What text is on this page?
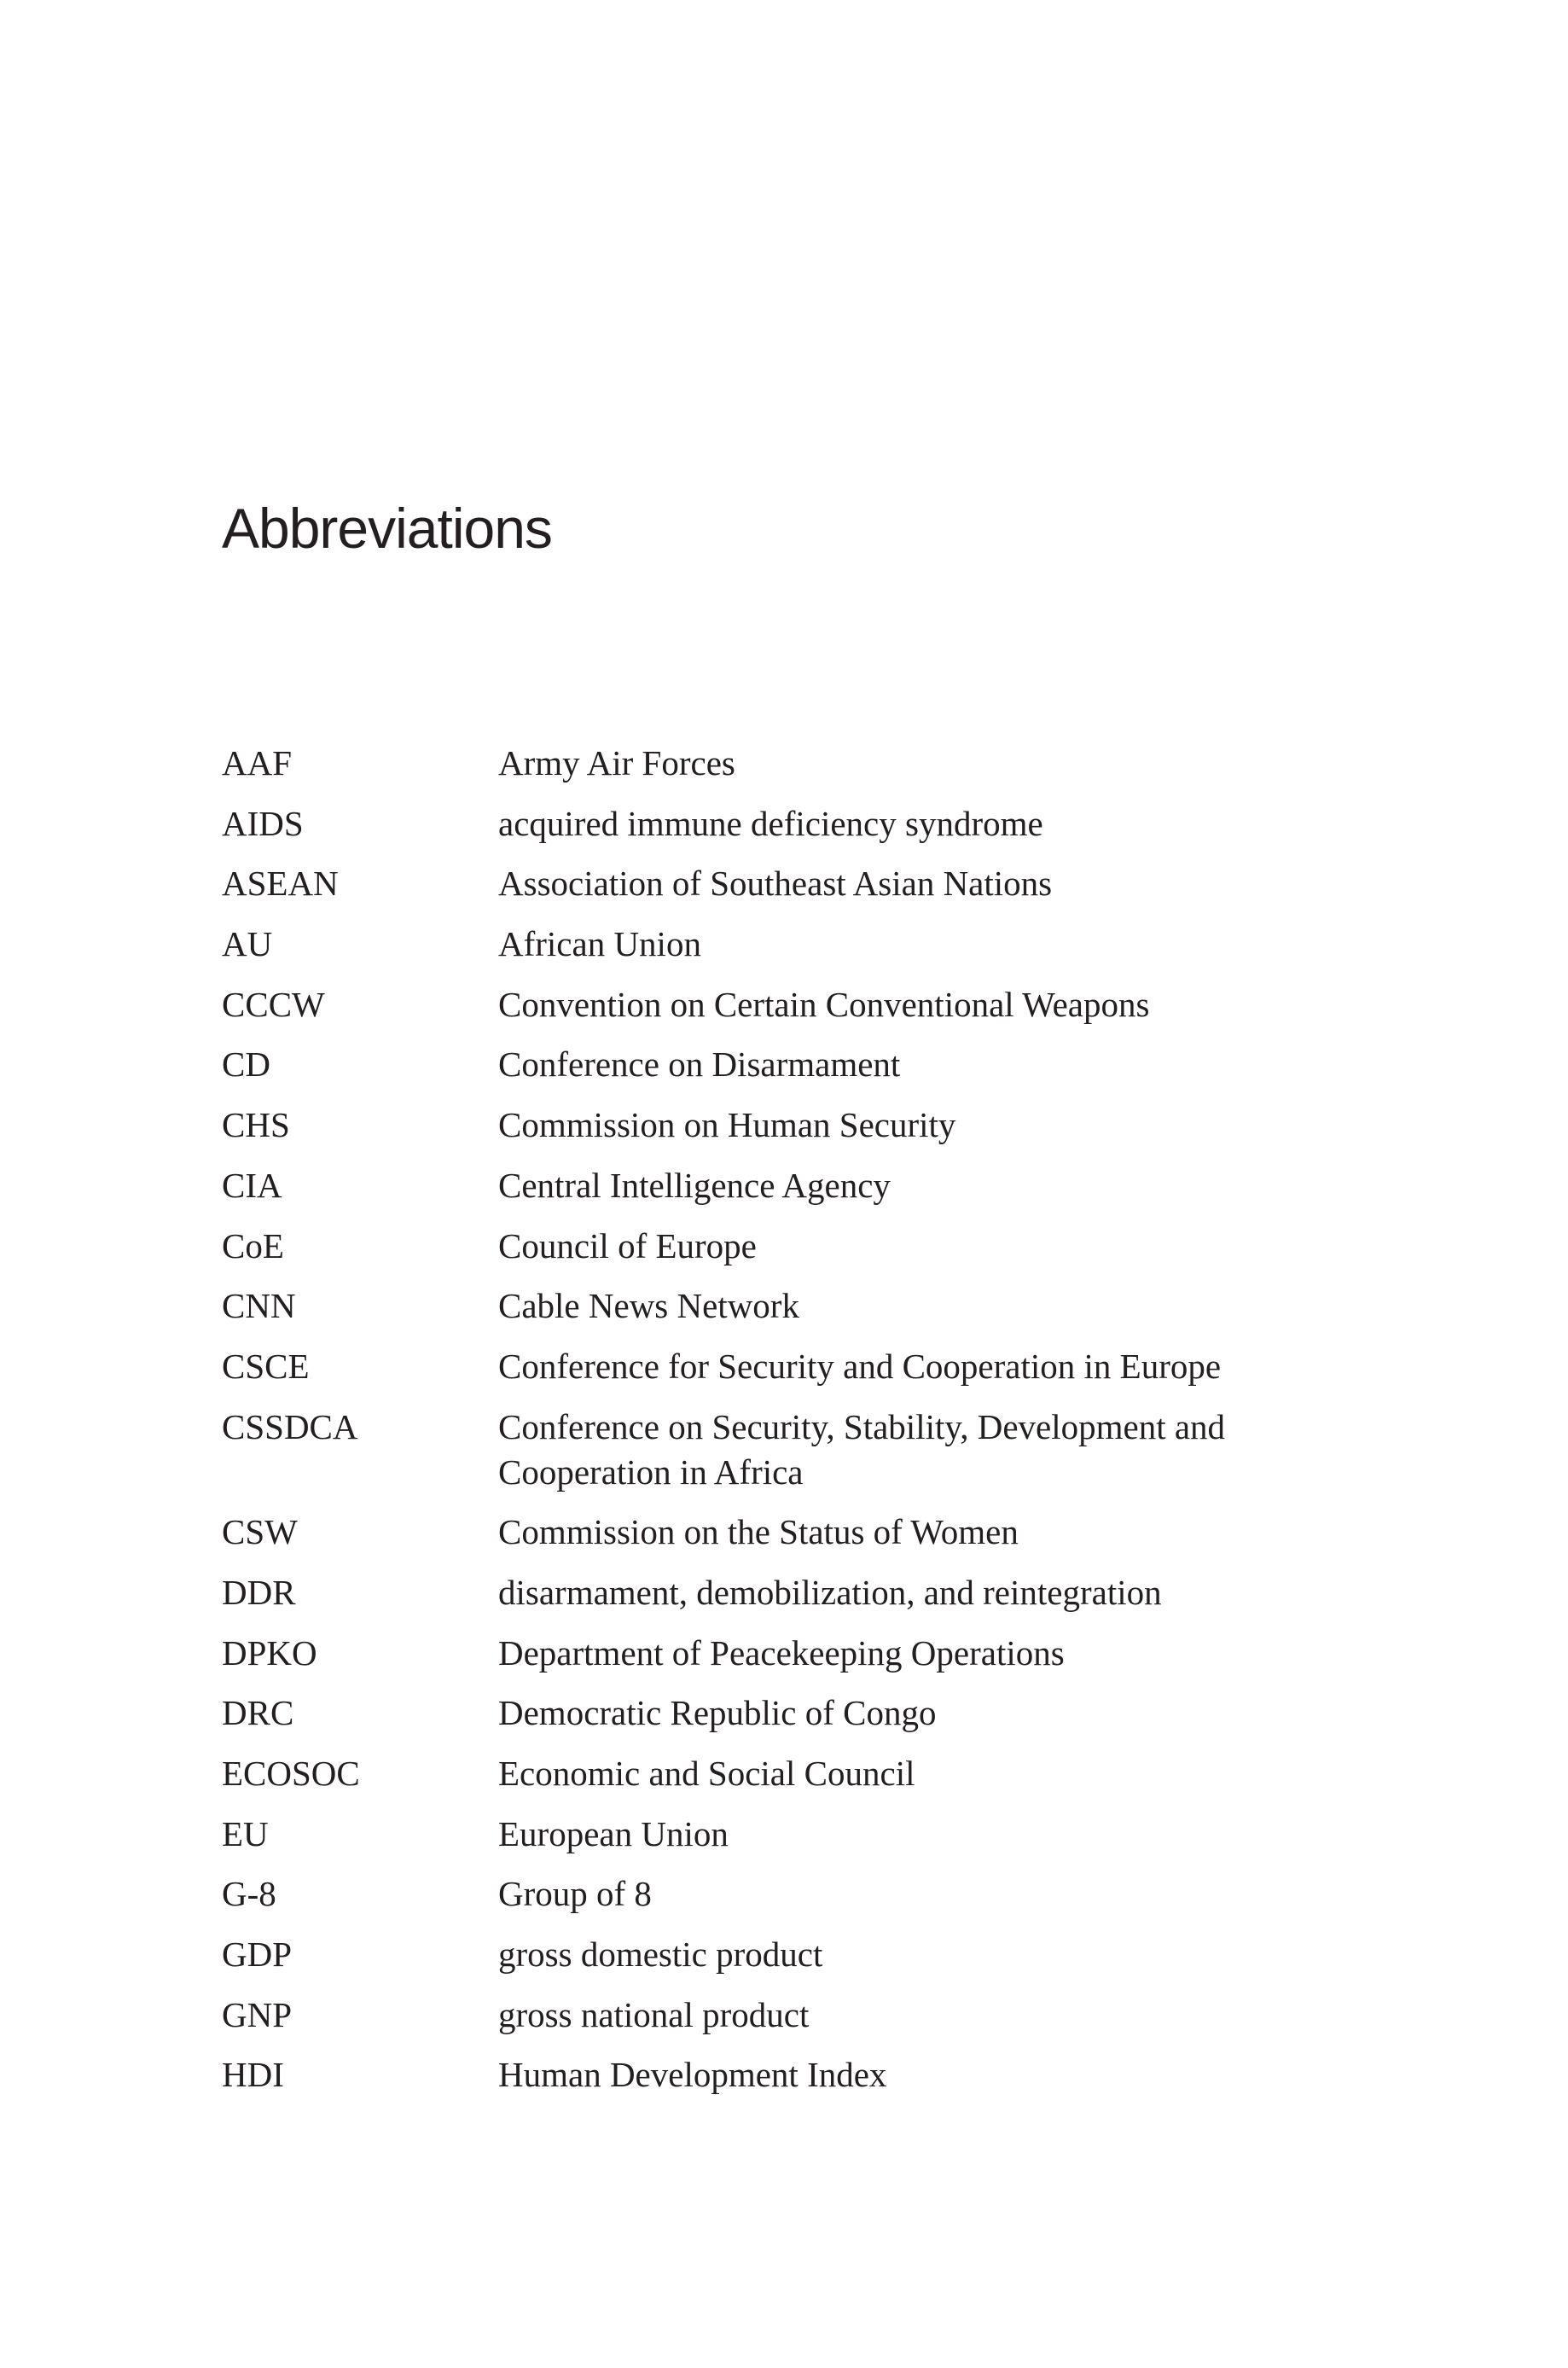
Abbreviations
AAF	Army Air Forces
AIDS	acquired immune deficiency syndrome
ASEAN	Association of Southeast Asian Nations
AU	African Union
CCCW	Convention on Certain Conventional Weapons
CD	Conference on Disarmament
CHS	Commission on Human Security
CIA	Central Intelligence Agency
CoE	Council of Europe
CNN	Cable News Network
CSCE	Conference for Security and Cooperation in Europe
CSSDCA	Conference on Security, Stability, Development and Cooperation in Africa
CSW	Commission on the Status of Women
DDR	disarmament, demobilization, and reintegration
DPKO	Department of Peacekeeping Operations
DRC	Democratic Republic of Congo
ECOSOC	Economic and Social Council
EU	European Union
G-8	Group of 8
GDP	gross domestic product
GNP	gross national product
HDI	Human Development Index
